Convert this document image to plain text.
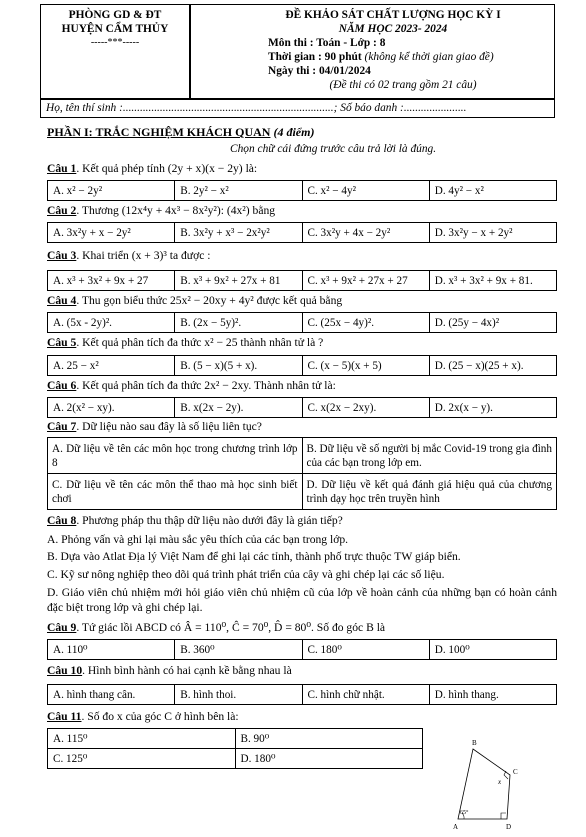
PHÒNG GD & ĐT
HUYỆN CẨM THỦY
-----***-----
ĐỀ KHẢO SÁT CHẤT LƯỢNG HỌC KỲ I
NĂM HỌC 2023- 2024
Môn thi : Toán - Lớp : 8
Thời gian : 90 phút (không kể thời gian giao đề)
Ngày thi : 04/01/2024
(Đề thi có 02 trang gồm 21 câu)
Họ, tên thí sinh :..........................................................................; Số báo danh :......................
PHẦN I: TRẮC NGHIỆM KHÁCH QUAN (4 điểm)
Chọn chữ cái đứng trước câu trả lời là đúng.
Câu 1. Kết quả phép tính (2y + x)(x − 2y) là:
A. x² − 2y²	B. 2y² − x²	C. x² − 4y²	D. 4y² − x²
Câu 2. Thương (12x⁴y + 4x³ − 8x²y²): (4x²) bằng
A. 3x²y + x − 2y²	B. 3x²y + x³ − 2x²y²	C. 3x²y + 4x − 2y²	D. 3x²y − x + 2y²
Câu 3. Khai triển (x + 3)³ ta được :
A. x³ + 3x² + 9x + 27	B. x³ + 9x² + 27x + 81	C. x³ + 9x² + 27x + 27	D. x³ + 3x² + 9x + 81.
Câu 4. Thu gọn biểu thức 25x² − 20xy + 4y² được kết quả bằng
A. (5x - 2y)².	B. (2x − 5y)².	C. (25x − 4y)².	D. (25y − 4x)²
Câu 5. Kết quả phân tích đa thức x² − 25 thành nhân tử là ?
A. 25 − x²	B. (5 − x)(5 + x).	C. (x − 5)(x + 5)	D. (25 − x)(25 + x).
Câu 6. Kết quả phân tích đa thức 2x² − 2xy. Thành nhân tử là:
A. 2(x² − xy).	B. x(2x − 2y).	C. x(2x − 2xy).	D. 2x(x − y).
Câu 7. Dữ liệu nào sau đây là số liệu liên tục?
A. Dữ liệu về tên các môn học trong chương trình lớp 8	B. Dữ liệu về số người bị mắc Covid-19 trong gia đình của các bạn trong lớp em.
C. Dữ liệu về tên các môn thể thao mà học sinh biết chơi	D. Dữ liệu về kết quả đánh giá hiệu quả của chương trình dạy học trên truyền hình
Câu 8. Phương pháp thu thập dữ liệu nào dưới đây là gián tiếp?
A. Phỏng vấn và ghi lại màu sắc yêu thích của các bạn trong lớp.
B. Dựa vào Atlat Địa lý Việt Nam để ghi lại các tỉnh, thành phố trực thuộc TW giáp biển.
C. Kỹ sư nông nghiệp theo dõi quá trình phát triển của cây và ghi chép lại các số liệu.
D. Giáo viên chủ nhiệm mới hỏi giáo viên chủ nhiệm cũ của lớp về hoàn cảnh của những bạn có hoàn cảnh đặc biệt trong lớp và ghi chép lại.
Câu 9. Tứ giác lồi ABCD có Â = 110⁰, Ĉ = 70⁰, D̂ = 80⁰. Số đo góc B là
A. 110⁰	B. 360⁰	C. 180⁰	D. 100⁰
Câu 10. Hình bình hành có hai cạnh kề bằng nhau là
A. hình thang cân.	B. hình thoi.	C. hình chữ nhật.	D. hình thang.
Câu 11. Số đo x của góc C ở hình bên là:
A. 115⁰	B. 90⁰
C. 125⁰	D. 180⁰
B
C
A	D
x
65°
